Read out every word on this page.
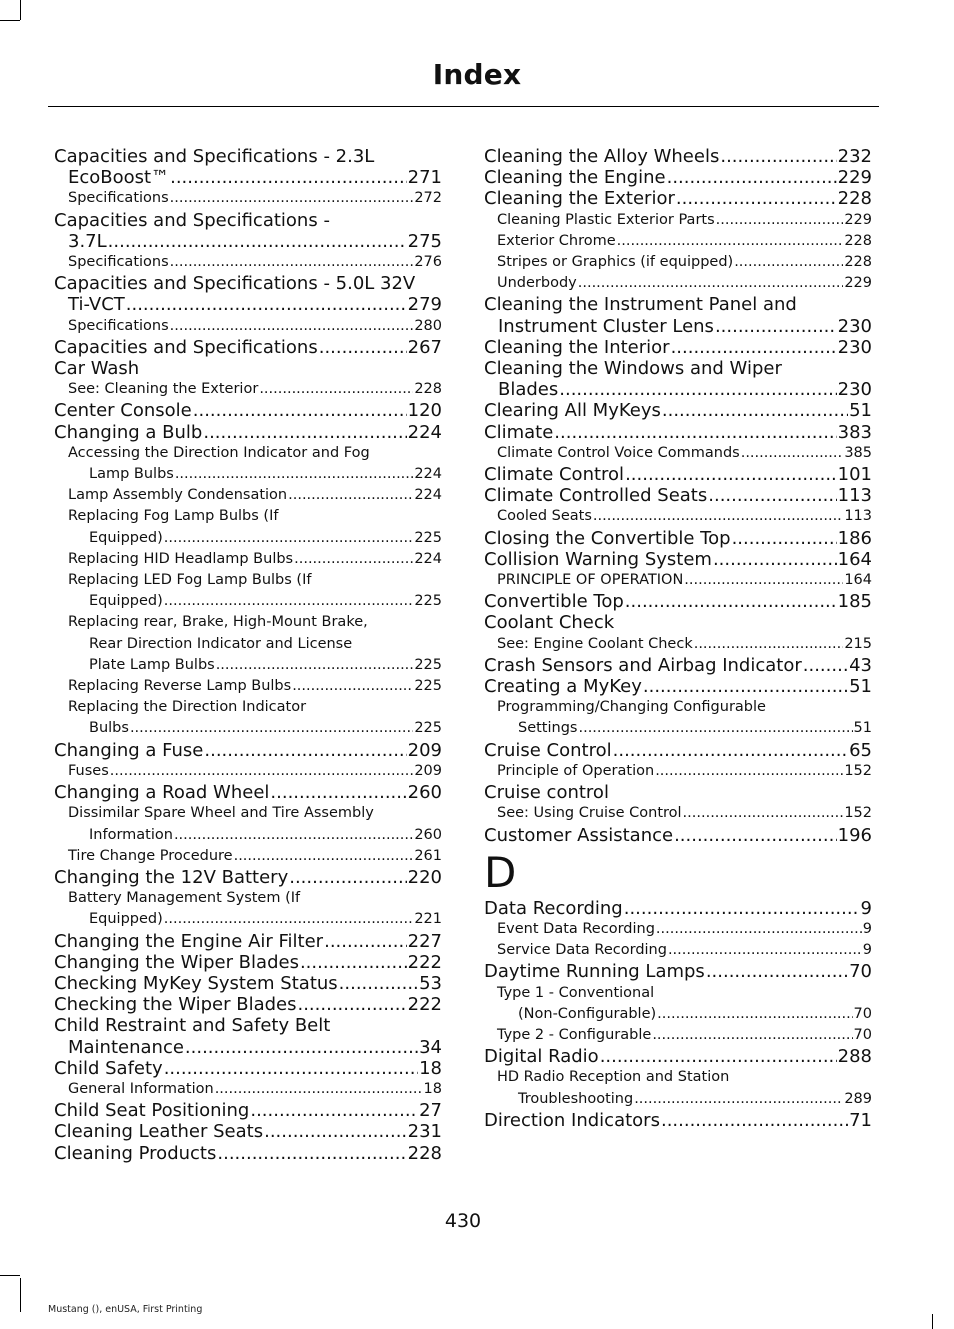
Index
Capacities and Specifications - 2.3L
EcoBoost™ .....	271
Specifications .....	272
Capacities and Specifications -
3.7L .....	275
Specifications .....	276
Capacities and Specifications - 5.0L 32V
Ti-VCT .....	279
Specifications .....	280
Capacities and Specifications .....	267
Car Wash
See: Cleaning the Exterior .....	228
Center Console .....	120
Changing a Bulb .....	224
Accessing the Direction Indicator and Fog
Lamp Bulbs .....	224
Lamp Assembly Condensation .....	224
Replacing Fog Lamp Bulbs (If
Equipped) .....	225
Replacing HID Headlamp Bulbs .....	224
Replacing LED Fog Lamp Bulbs (If
Equipped) .....	225
Replacing rear, Brake, High-Mount Brake,
Rear Direction Indicator and License
Plate Lamp Bulbs .....	225
Replacing Reverse Lamp Bulbs .....	225
Replacing the Direction Indicator
Bulbs .....	225
Changing a Fuse .....	209
Fuses .....	209
Changing a Road Wheel .....	260
Dissimilar Spare Wheel and Tire Assembly
Information .....	260
Tire Change Procedure .....	261
Changing the 12V Battery .....	220
Battery Management System (If
Equipped) .....	221
Changing the Engine Air Filter .....	227
Changing the Wiper Blades .....	222
Checking MyKey System Status .....	53
Checking the Wiper Blades .....	222
Child Restraint and Safety Belt
Maintenance .....	34
Child Safety .....	18
General Information .....	18
Child Seat Positioning .....	27
Cleaning Leather Seats .....	231
Cleaning Products .....	228
Cleaning the Alloy Wheels .....	232
Cleaning the Engine .....	229
Cleaning the Exterior .....	228
Cleaning Plastic Exterior Parts .....	229
Exterior Chrome .....	228
Stripes or Graphics (if equipped) .....	228
Underbody .....	229
Cleaning the Instrument Panel and
Instrument Cluster Lens .....	230
Cleaning the Interior .....	230
Cleaning the Windows and Wiper
Blades .....	230
Clearing All MyKeys .....	51
Climate .....	383
Climate Control Voice Commands .....	385
Climate Control .....	101
Climate Controlled Seats .....	113
Cooled Seats .....	113
Closing the Convertible Top .....	186
Collision Warning System .....	164
PRINCIPLE OF OPERATION .....	164
Convertible Top .....	185
Coolant Check
See: Engine Coolant Check .....	215
Crash Sensors and Airbag Indicator .....	43
Creating a MyKey .....	51
Programming/Changing Configurable
Settings .....	51
Cruise Control .....	65
Principle of Operation .....	152
Cruise control
See: Using Cruise Control .....	152
Customer Assistance .....	196
D
Data Recording .....	9
Event Data Recording .....	9
Service Data Recording .....	9
Daytime Running Lamps .....	70
Type 1 - Conventional
(Non-Configurable) .....	70
Type 2 - Configurable .....	70
Digital Radio .....	288
HD Radio Reception and Station
Troubleshooting .....	289
Direction Indicators .....	71
430
Mustang (), enUSA, First Printing
